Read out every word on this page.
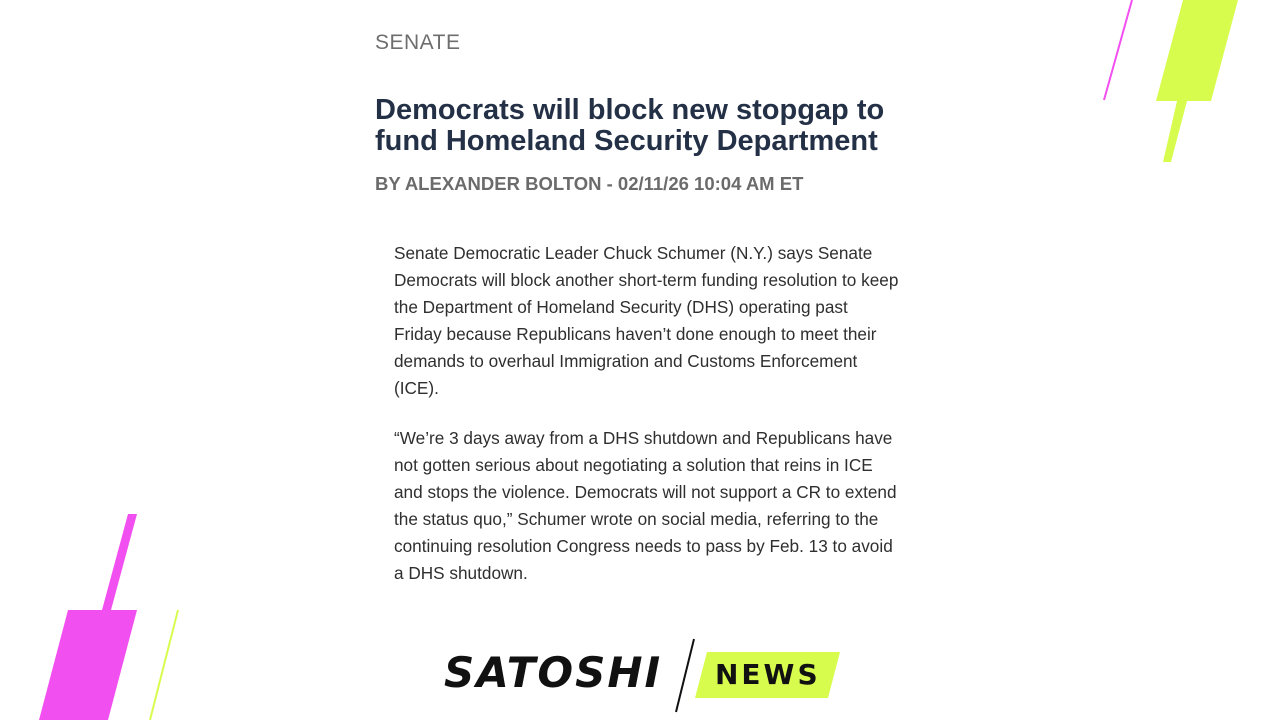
SENATE
Democrats will block new stopgap to fund Homeland Security Department
BY ALEXANDER BOLTON - 02/11/26 10:04 AM ET

Senate Democratic Leader Chuck Schumer (N.Y.) says Senate Democrats will block another short-term funding resolution to keep the Department of Homeland Security (DHS) operating past Friday because Republicans haven’t done enough to meet their demands to overhaul Immigration and Customs Enforcement (ICE).

“We’re 3 days away from a DHS shutdown and Republicans have not gotten serious about negotiating a solution that reins in ICE and stops the violence. Democrats will not support a CR to extend the status quo,” Schumer wrote on social media, referring to the continuing resolution Congress needs to pass by Feb. 13 to avoid a DHS shutdown.

SATOSHI NEWS
